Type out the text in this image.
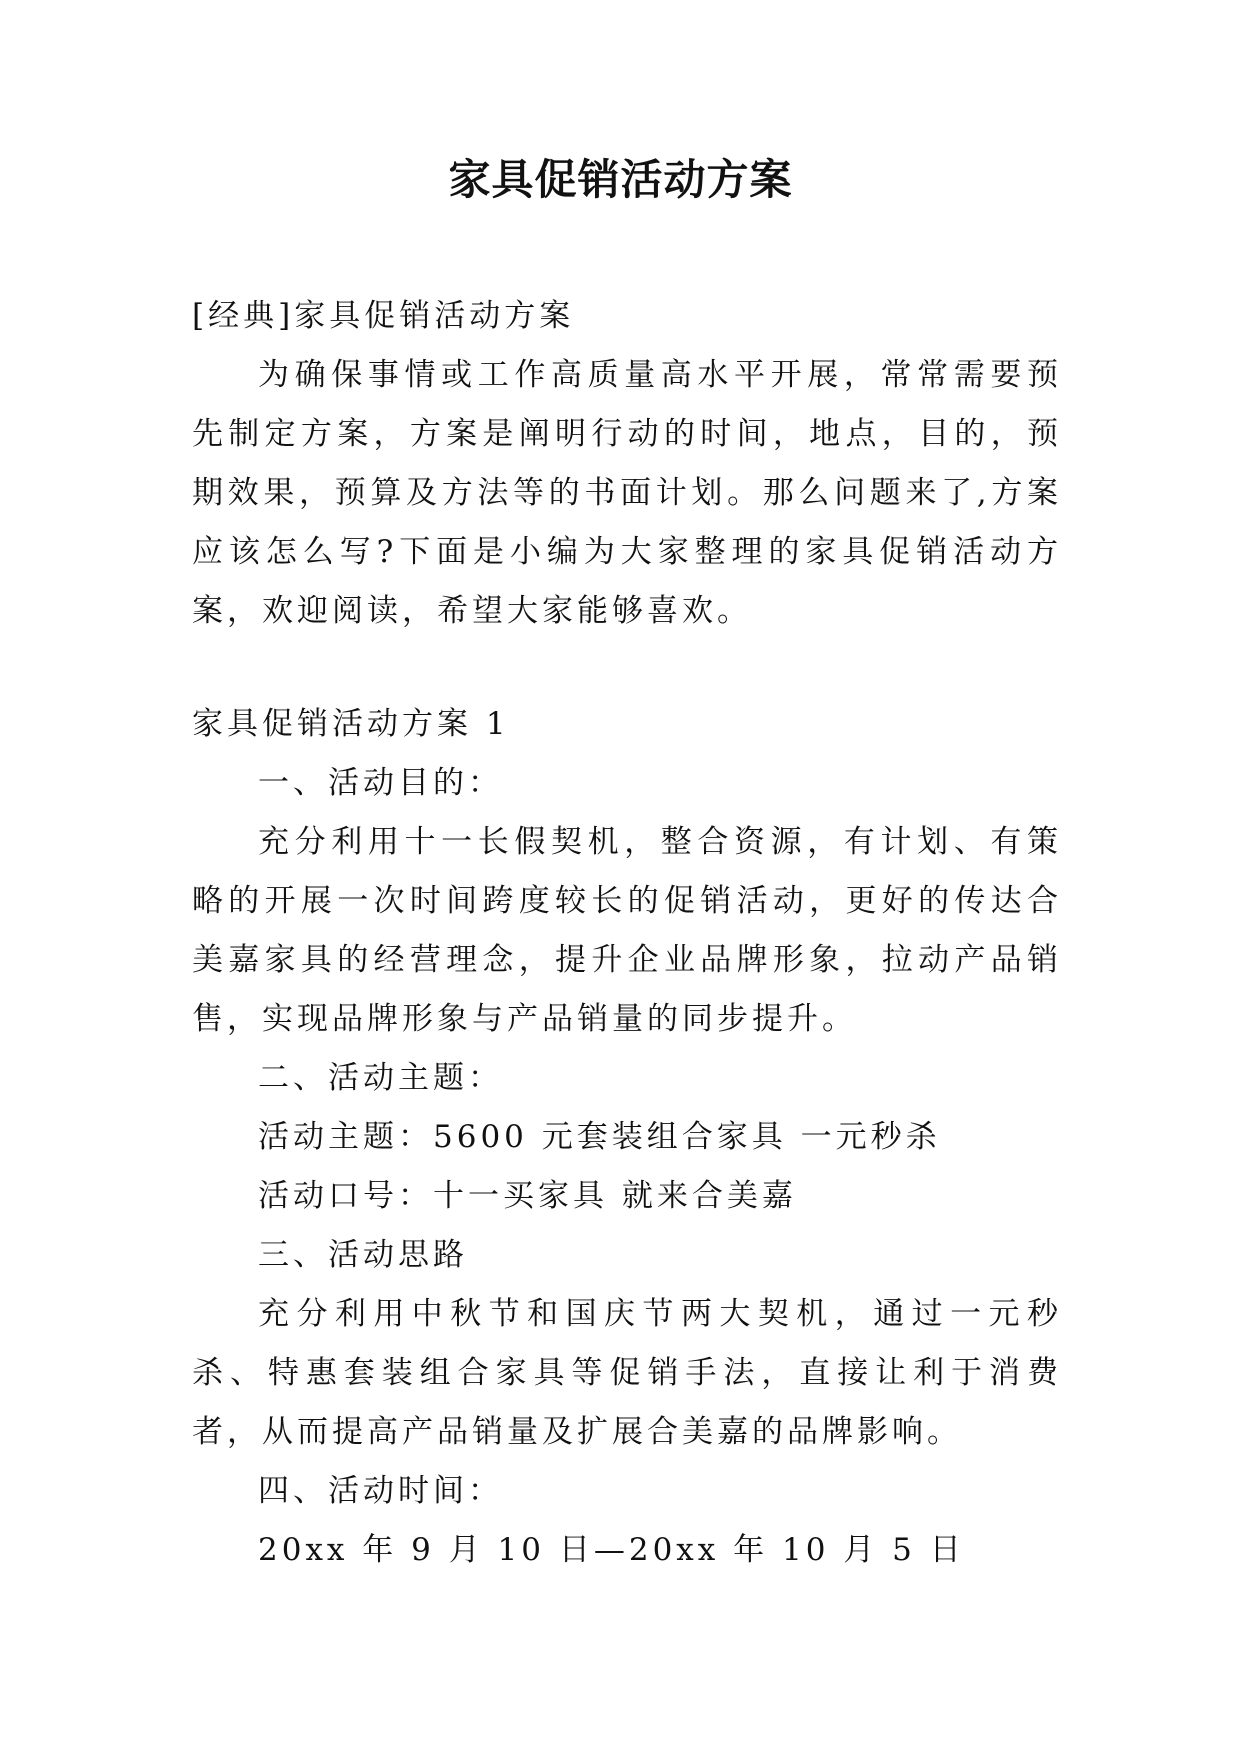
家具促销活动方案

[经典]家具促销活动方案

为确保事情或工作高质量高水平开展，常常需要预先制定方案，方案是阐明行动的时间，地点，目的，预期效果，预算及方法等的书面计划。那么问题来了,方案应该怎么写?下面是小编为大家整理的家具促销活动方案，欢迎阅读，希望大家能够喜欢。

家具促销活动方案 1

一、活动目的：

充分利用十一长假契机，整合资源，有计划、有策略的开展一次时间跨度较长的促销活动，更好的传达合美嘉家具的经营理念，提升企业品牌形象，拉动产品销售，实现品牌形象与产品销量的同步提升。

二、活动主题：

活动主题：5600 元套装组合家具 一元秒杀

活动口号：十一买家具 就来合美嘉

三、活动思路

充分利用中秋节和国庆节两大契机，通过一元秒杀、特惠套装组合家具等促销手法，直接让利于消费者，从而提高产品销量及扩展合美嘉的品牌影响。

四、活动时间：

20xx 年 9 月 10 日—20xx 年 10 月 5 日
